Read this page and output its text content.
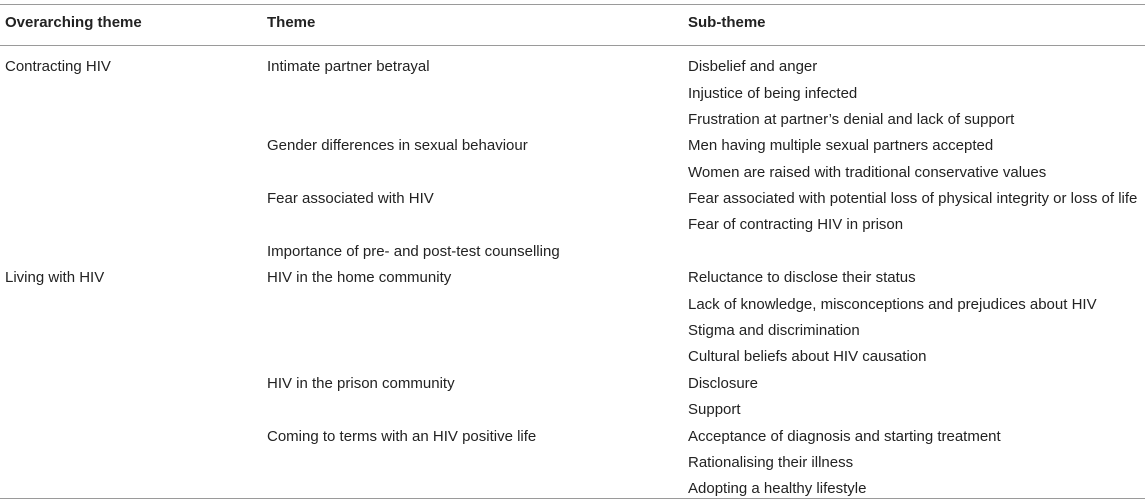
Overarching theme	Theme	Sub-theme
Contracting HIV
Living with HIV
Intimate partner betrayal
Gender differences in sexual behaviour
Fear associated with HIV
Importance of pre- and post-test counselling
HIV in the home community
HIV in the prison community
Coming to terms with an HIV positive life
Disbelief and anger
Injustice of being infected
Frustration at partner’s denial and lack of support
Men having multiple sexual partners accepted
Women are raised with traditional conservative values
Fear associated with potential loss of physical integrity or loss of life
Fear of contracting HIV in prison
Reluctance to disclose their status
Lack of knowledge, misconceptions and prejudices about HIV
Stigma and discrimination
Cultural beliefs about HIV causation
Disclosure
Support
Acceptance of diagnosis and starting treatment
Rationalising their illness
Adopting a healthy lifestyle
